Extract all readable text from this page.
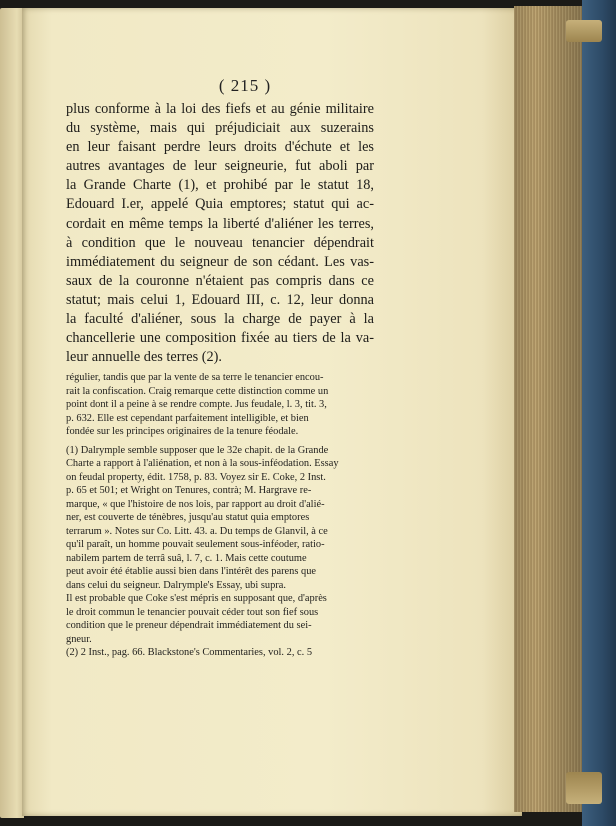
( 215 )
plus conforme à la loi des fiefs et au génie militaire
du système, mais qui préjudiciait aux suzerains
en leur faisant perdre leurs droits d'échute et les
autres avantages de leur seigneurie, fut aboli par
la Grande Charte (1), et prohibé par le statut 18,
Edouard I.er, appelé Quia emptores; statut qui ac-
cordait en même temps la liberté d'aliéner les terres,
à condition que le nouveau tenancier dépendrait
immédiatement du seigneur de son cédant. Les vas-
saux de la couronne n'étaient pas compris dans ce
statut; mais celui 1, Edouard III, c. 12, leur donna
la faculté d'aliéner, sous la charge de payer à la
chancellerie une composition fixée au tiers de la va-
leur annuelle des terres (2).
régulier, tandis que par la vente de sa terre le tenancier encou-
rait la confiscation. Craig remarque cette distinction comme un
point dont il a peine à se rendre compte. Jus feudale, l. 3, tit. 3,
p. 632. Elle est cependant parfaitement intelligible, et bien
fondée sur les principes originaires de la tenure féodale.
(1) Dalrymple semble supposer que le 32e chapit. de la Grande
Charte a rapport à l'aliénation, et non à la sous-inféodation. Essay
on feudal property, édit. 1758, p. 83. Voyez sir E. Coke, 2 Inst.
p. 65 et 501; et Wright on Tenures, contrà; M. Hargrave re-
marque, « que l'histoire de nos lois, par rapport au droit d'alié-
ner, est couverte de ténèbres, jusqu'au statut quia emptores
terrarum ». Notes sur Co. Litt. 43. a. Du temps de Glanvil, à ce
qu'il paraît, un homme pouvait seulement sous-inféoder, ratio-
nabilem partem de terrâ suâ, l. 7, c. 1. Mais cette coutume
peut avoir été établie aussi bien dans l'intérêt des parens que
dans celui du seigneur. Dalrymple's Essay, ubi supra.
Il est probable que Coke s'est mépris en supposant que, d'après
le droit commun le tenancier pouvait céder tout son fief sous
condition que le preneur dépendrait immédiatement du sei-
gneur.
(2) 2 Inst., pag. 66. Blackstone's Commentaries, vol. 2, c. 5
